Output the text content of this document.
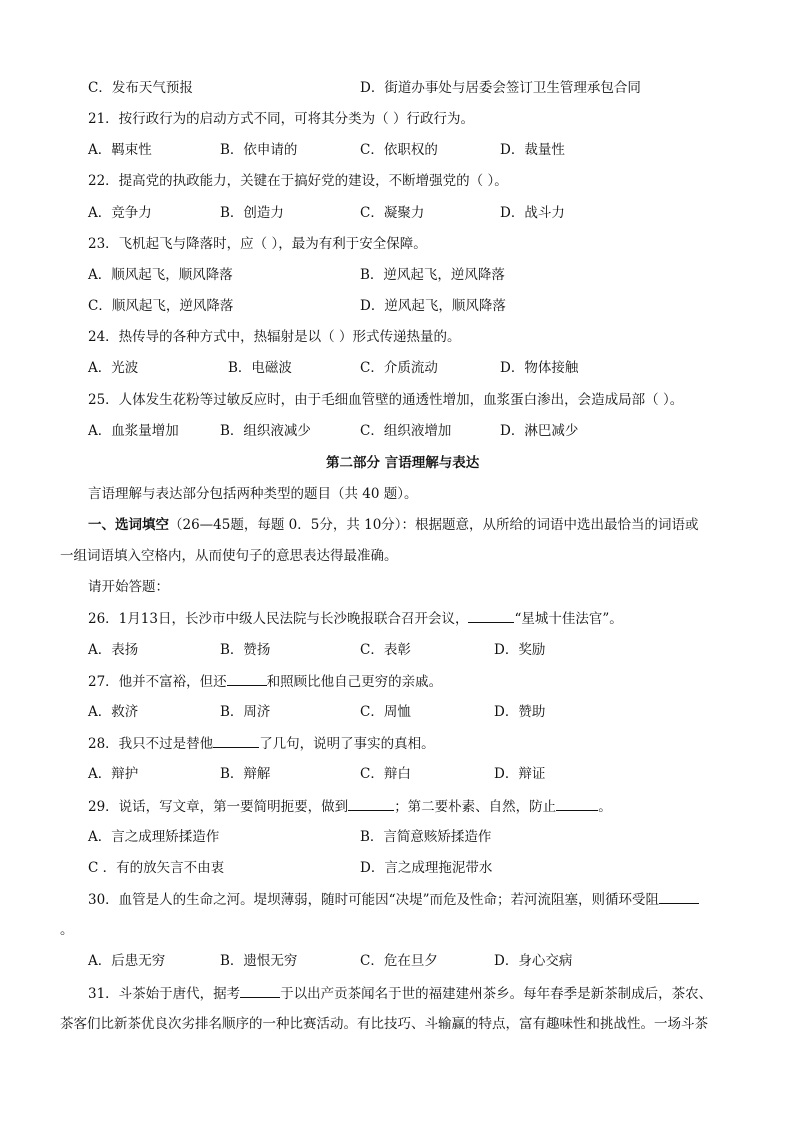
C．发布天气预报	D．街道办事处与居委会签订卫生管理承包合同
21．按行政行为的启动方式不同，可将其分类为（ ）行政行为。
A．羁束性	B．依申请的	C．依职权的	D．裁量性
22．提高党的执政能力，关键在于搞好党的建设，不断增强党的（ ）。
A．竞争力	B．创造力	C．凝聚力	D．战斗力
23．飞机起飞与降落时，应（ ），最为有利于安全保障。
A．顺风起飞，顺风降落	B．逆风起飞，逆风降落
C．顺风起飞，逆风降落	D．逆风起飞，顺风降落
24．热传导的各种方式中，热辐射是以（ ）形式传递热量的。
A．光波	B．电磁波	C．介质流动	D．物体接触
25．人体发生花粉等过敏反应时，由于毛细血管壁的通透性增加，血浆蛋白渗出，会造成局部（ ）。
A．血浆量增加	B．组织液减少	C．组织液增加	D．淋巴减少
第二部分 言语理解与表达
言语理解与表达部分包括两种类型的题目（共 40 题）。
一、选词填空（26—45题，每题 0．5分，共 10分）：根据题意，从所给的词语中选出最恰当的词语或
一组词语填入空格内，从而使句子的意思表达得最准确。
请开始答题：
26．1月13日，长沙市中级人民法院与长沙晚报联合召开会议，	“星城十佳法官”。
A．表扬	B．赞扬	C．表彰	D．奖励
27．他并不富裕，但还	和照顾比他自己更穷的亲戚。
A．救济	B．周济	C．周恤	D．赞助
28．我只不过是替他	了几句，说明了事实的真相。
A．辩护	B．辩解	C．辩白	D．辩证
29．说话，写文章，第一要简明扼要，做到	；第二要朴素、自然，防止	。
A．言之成理矫揉造作	B．言简意赅矫揉造作
C ．有的放矢言不由衷	D．言之成理拖泥带水
30．血管是人的生命之河。堤坝薄弱，随时可能因“决堤”而危及性命；若河流阻塞，则循环受阻
。
A．后患无穷	B．遗恨无穷	C．危在旦夕	D．身心交病
31．斗茶始于唐代，据考	于以出产贡茶闻名于世的福建建州茶乡。每年春季是新茶制成后，茶农、
茶客们比新茶优良次劣排名顺序的一种比赛活动。有比技巧、斗输赢的特点，富有趣味性和挑战性。一场斗茶
